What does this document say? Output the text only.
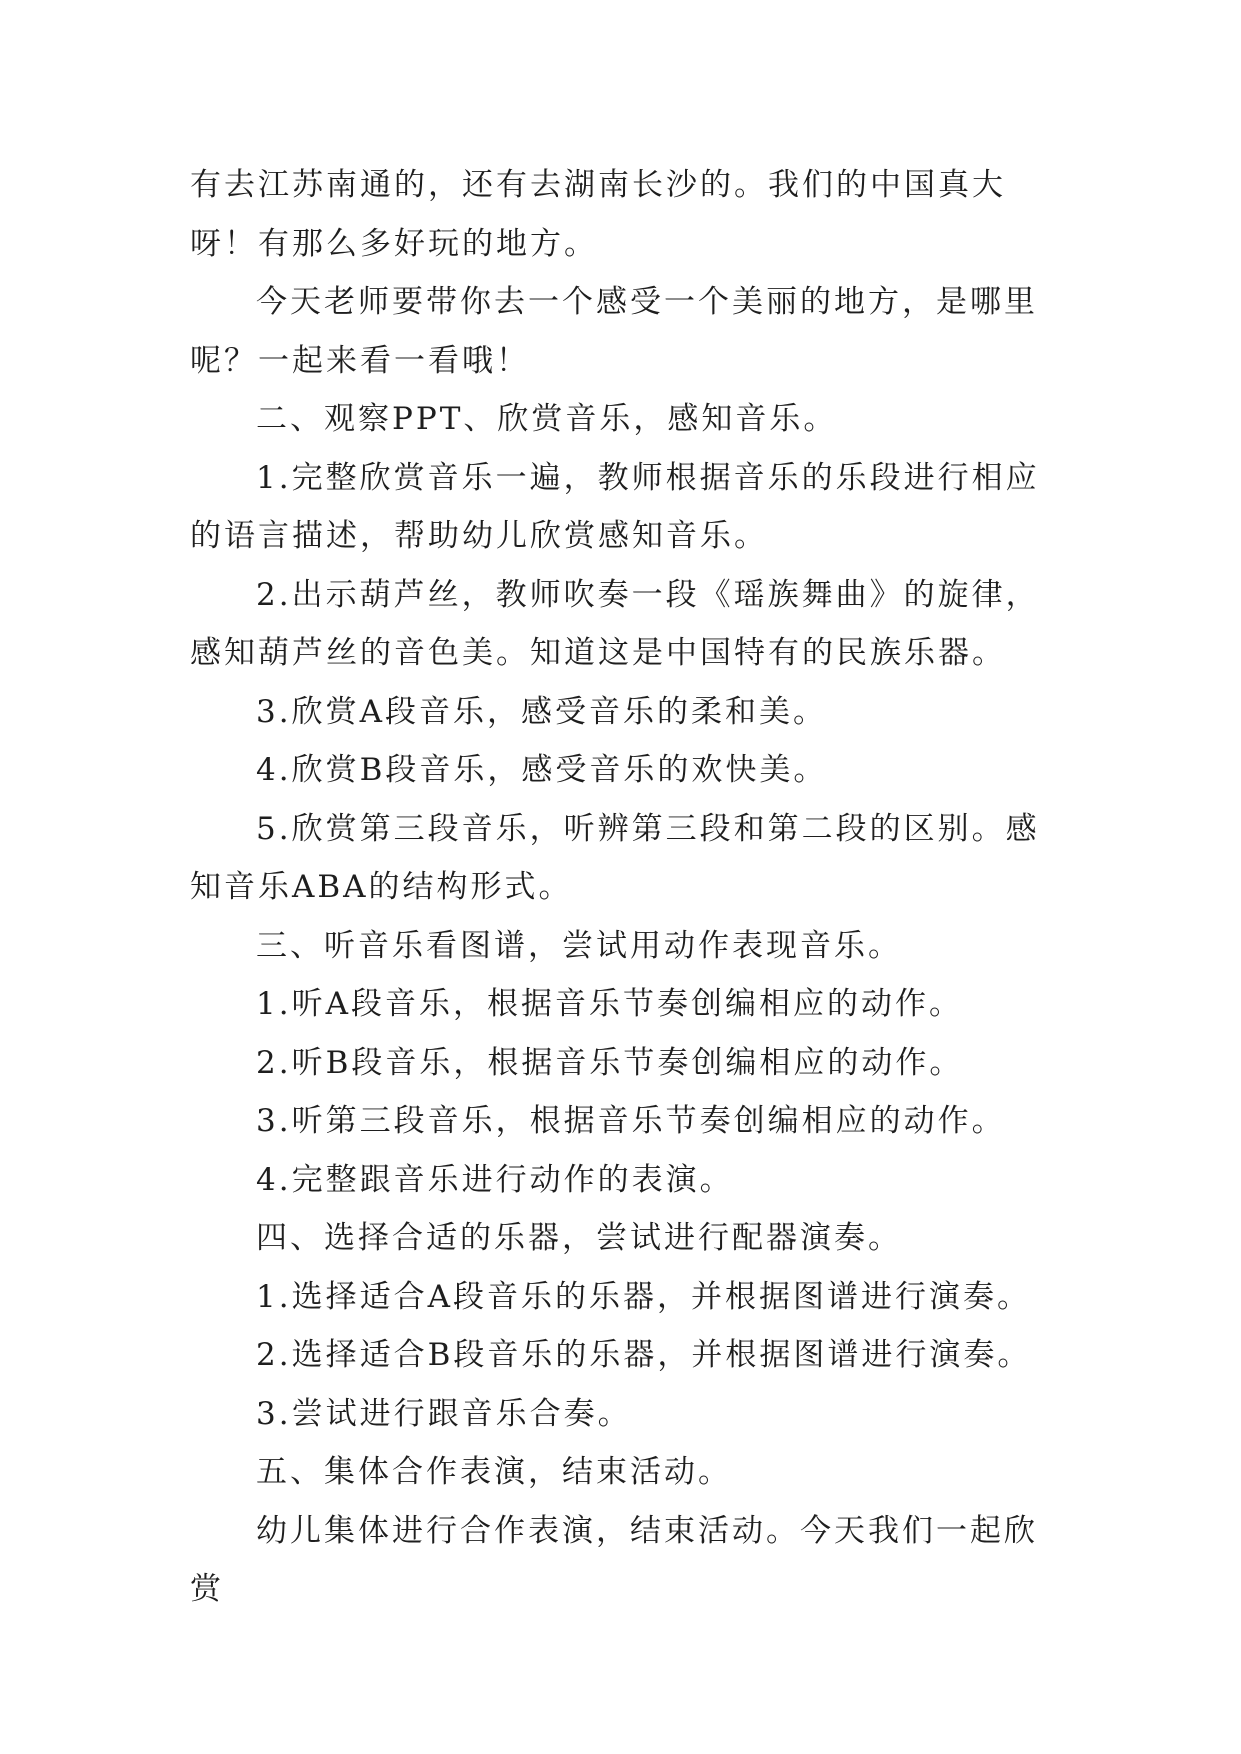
有去江苏南通的，还有去湖南长沙的。我们的中国真大呀！有那么多好玩的地方。

今天老师要带你去一个感受一个美丽的地方，是哪里呢？一起来看一看哦！

二、观察PPT、欣赏音乐，感知音乐。

1.完整欣赏音乐一遍，教师根据音乐的乐段进行相应的语言描述，帮助幼儿欣赏感知音乐。

2.出示葫芦丝，教师吹奏一段《瑶族舞曲》的旋律，感知葫芦丝的音色美。知道这是中国特有的民族乐器。

3.欣赏A段音乐，感受音乐的柔和美。

4.欣赏B段音乐，感受音乐的欢快美。

5.欣赏第三段音乐，听辨第三段和第二段的区别。感知音乐ABA的结构形式。

三、听音乐看图谱，尝试用动作表现音乐。

1.听A段音乐，根据音乐节奏创编相应的动作。

2.听B段音乐，根据音乐节奏创编相应的动作。

3.听第三段音乐，根据音乐节奏创编相应的动作。

4.完整跟音乐进行动作的表演。

四、选择合适的乐器，尝试进行配器演奏。

1.选择适合A段音乐的乐器，并根据图谱进行演奏。

2.选择适合B段音乐的乐器，并根据图谱进行演奏。

3.尝试进行跟音乐合奏。

五、集体合作表演，结束活动。

幼儿集体进行合作表演，结束活动。今天我们一起欣赏
